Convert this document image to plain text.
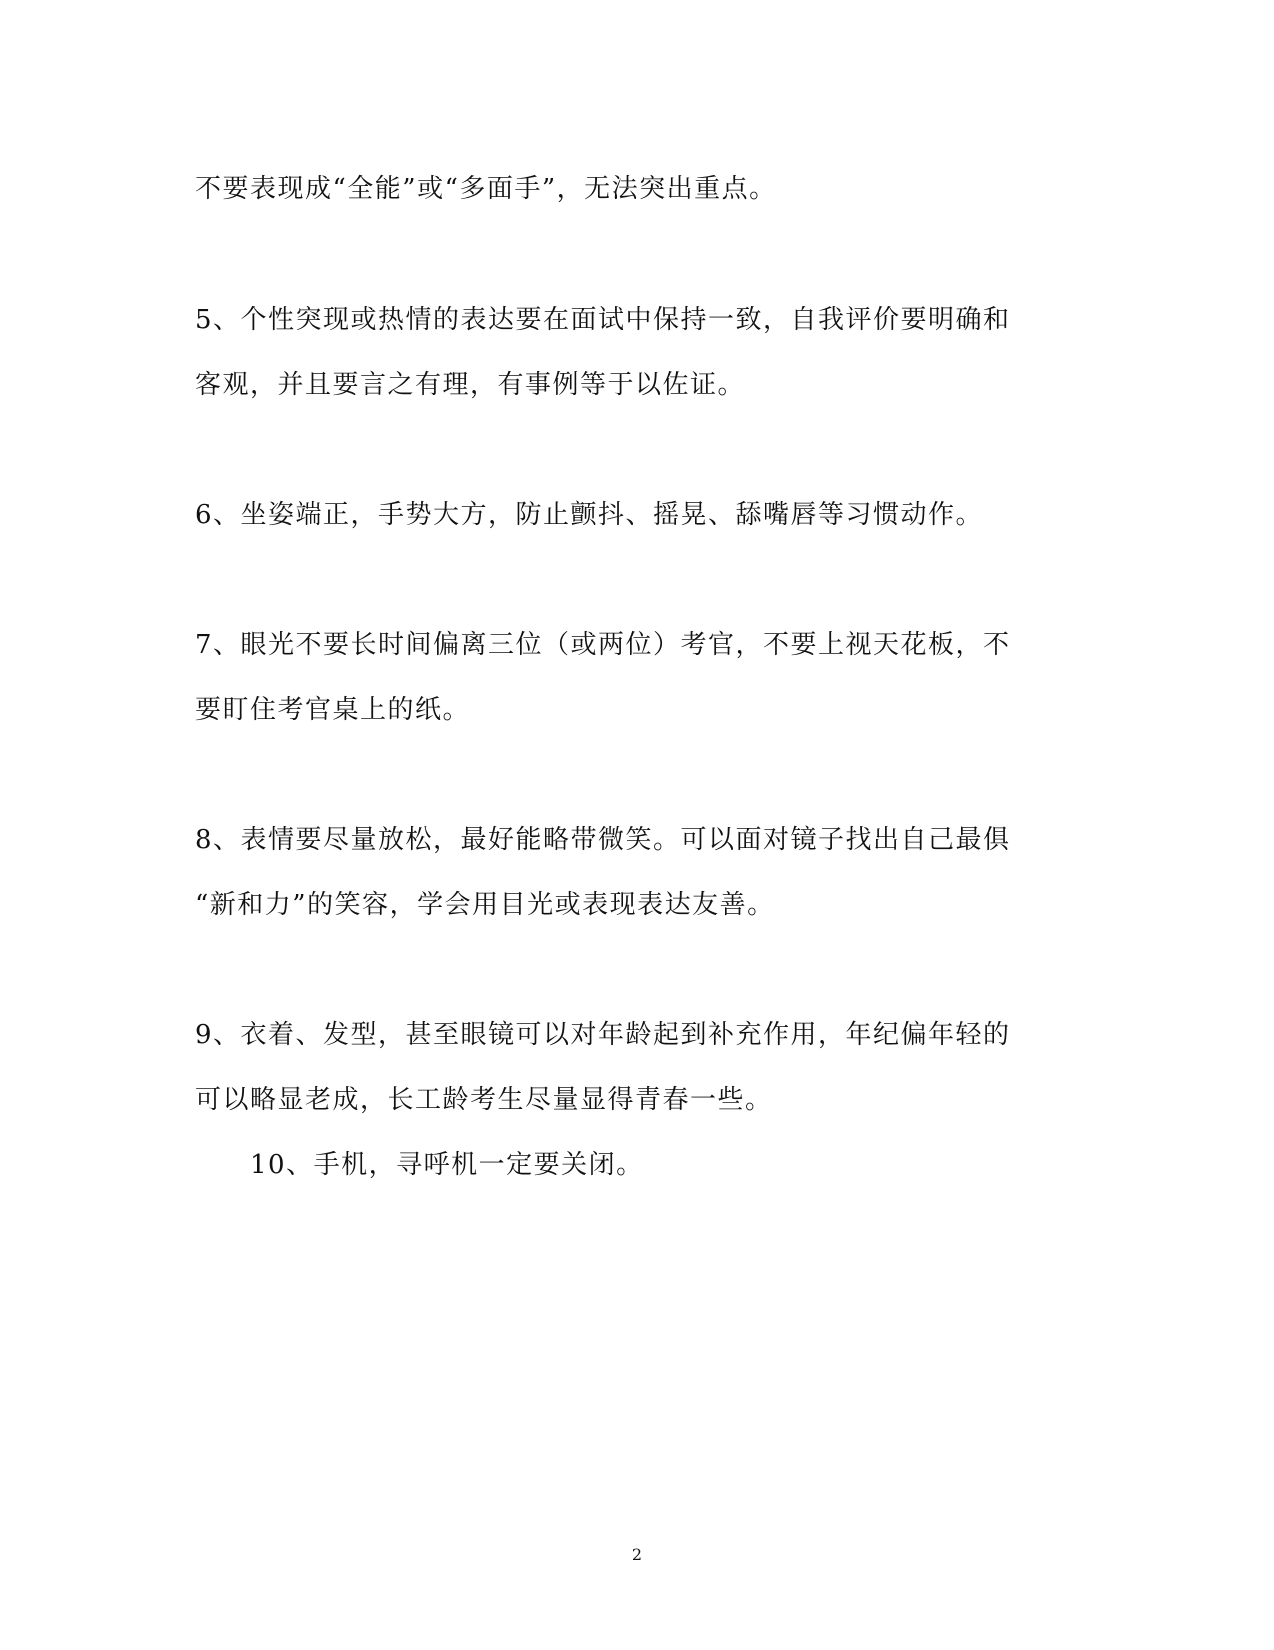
不要表现成“全能”或“多面手”，无法突出重点。
5、个性突现或热情的表达要在面试中保持一致，自我评价要明确和
客观，并且要言之有理，有事例等于以佐证。
6、坐姿端正，手势大方，防止颤抖、摇晃、舔嘴唇等习惯动作。
7、眼光不要长时间偏离三位（或两位）考官，不要上视天花板，不
要盯住考官桌上的纸。
8、表情要尽量放松，最好能略带微笑。可以面对镜子找出自己最俱
“新和力”的笑容，学会用目光或表现表达友善。
9、衣着、发型，甚至眼镜可以对年龄起到补充作用，年纪偏年轻的
可以略显老成，长工龄考生尽量显得青春一些。
10、手机，寻呼机一定要关闭。
2
